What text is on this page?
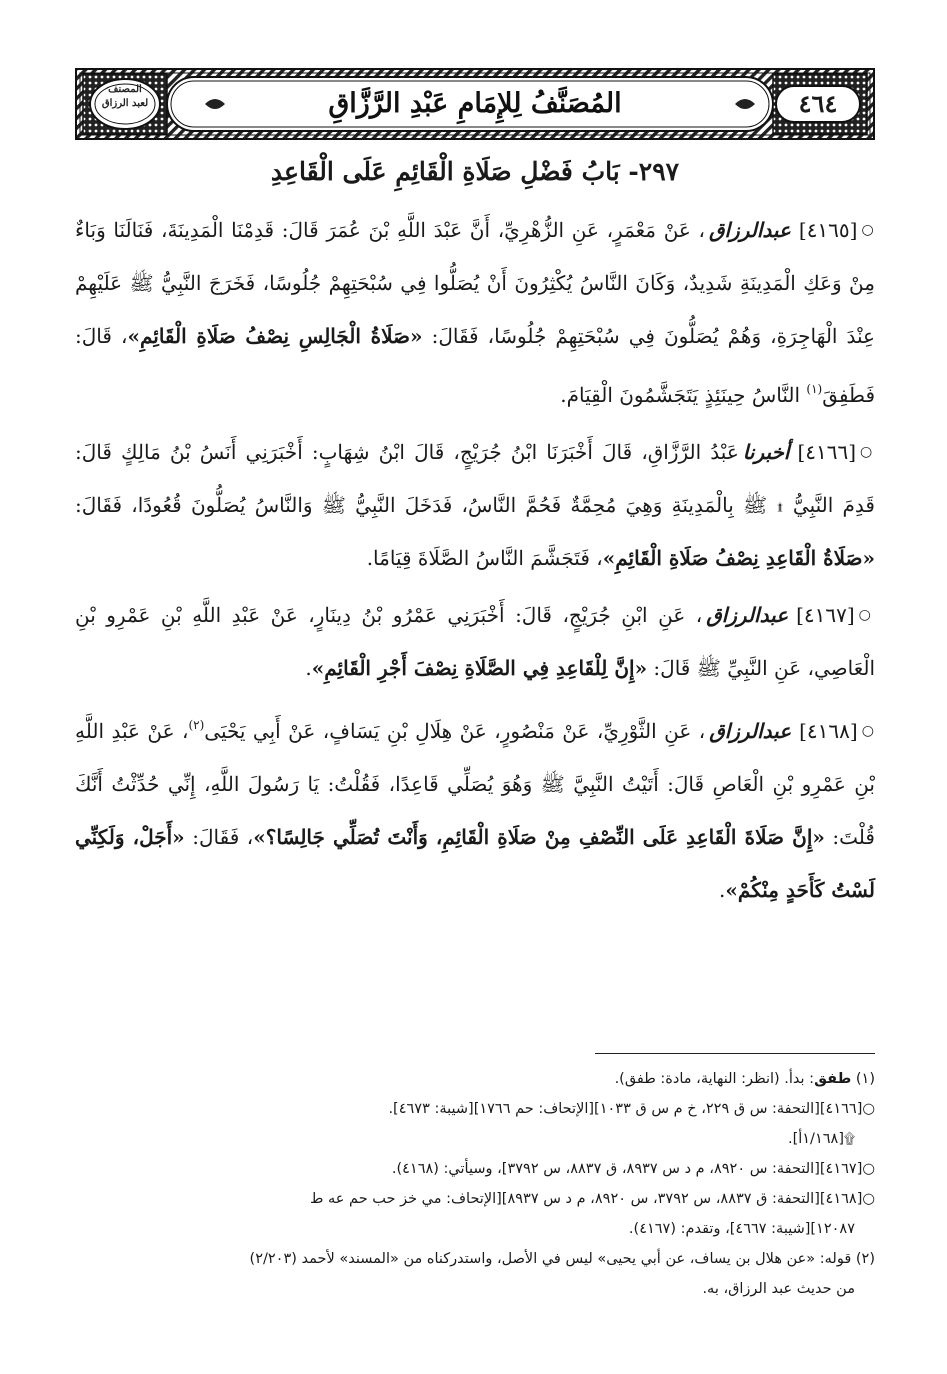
المصنف
لعبد الرزاق	المُصَنَّفُ لِلإِمَامِ عَبْدِ الرَّزَّاقِ	٤٦٤
٢٩٧- بَابُ فَضْلِ صَلَاةِ الْقَائِمِ عَلَى الْقَاعِدِ

○[٤١٦٥]عبدالرزاق، عَنْ مَعْمَرٍ، عَنِ الزُّهْرِيِّ، أَنَّ عَبْدَ اللَّهِ بْنَ عُمَرَ قَالَ: قَدِمْنَا الْمَدِينَةَ، فَنَالَنَا وَبَاءٌ مِنْ وَعَكِ الْمَدِينَةِ شَدِيدٌ، وَكَانَ النَّاسُ يُكْثِرُونَ أَنْ يُصَلُّوا فِي سُبْحَتِهِمْ جُلُوسًا، فَخَرَجَ النَّبِيُّ ﷺ عَلَيْهِمْ عِنْدَ الْهَاجِرَةِ، وَهُمْ يُصَلُّونَ فِي سُبْحَتِهِمْ جُلُوسًا، فَقَالَ: «صَلَاةُ الْجَالِسِ نِصْفُ صَلَاةِ الْقَائِمِ»، قَالَ: فَطَفِقَ$^{(١)}$ النَّاسُ حِينَئِذٍ يَتَجَشَّمُونَ الْقِيَامَ.

○[٤١٦٦]أخبرناعَبْدُ الرَّزَّاقِ، قَالَ أَخْبَرَنَا ابْنُ جُرَيْجٍ، قَالَ ابْنُ شِهَابٍ: أَخْبَرَنِي أَنَسُ بْنُ مَالِكٍ قَالَ: قَدِمَ النَّبِيُّ ۩ ﷺ بِالْمَدِينَةِ وَهِيَ مُحِمَّةٌ فَحُمَّ النَّاسُ، فَدَخَلَ النَّبِيُّ ﷺ وَالنَّاسُ يُصَلُّونَ قُعُودًا، فَقَالَ: «صَلَاةُ الْقَاعِدِ نِصْفُ صَلَاةِ الْقَائِمِ»، فَتَجَشَّمَ النَّاسُ الصَّلَاةَ قِيَامًا.

○[٤١٦٧]عبدالرزاق، عَنِ ابْنِ جُرَيْجٍ، قَالَ: أَخْبَرَنِي عَمْرُو بْنُ دِينَارٍ، عَنْ عَبْدِ اللَّهِ بْنِ عَمْرِو بْنِ الْعَاصِي، عَنِ النَّبِيِّ ﷺ قَالَ: «إِنَّ لِلْقَاعِدِ فِي الصَّلَاةِ نِصْفَ أَجْرِ الْقَائِمِ».

○[٤١٦٨]عبدالرزاق، عَنِ الثَّوْرِيِّ، عَنْ مَنْصُورٍ، عَنْ هِلَالِ بْنِ يَسَافٍ، عَنْ أَبِي يَحْيَى$^{(٢)}$، عَنْ عَبْدِ اللَّهِ بْنِ عَمْرِو بْنِ الْعَاصِ قَالَ: أَتَيْتُ النَّبِيَّ ﷺ وَهُوَ يُصَلِّي قَاعِدًا، فَقُلْتُ: يَا رَسُولَ اللَّهِ، إِنِّي حُدِّثْتُ أَنَّكَ قُلْتَ: «إِنَّ صَلَاةَ الْقَاعِدِ عَلَى النِّصْفِ مِنْ صَلَاةِ الْقَائِمِ، وَأَنْتَ تُصَلِّي جَالِسًا؟»، فَقَالَ: «أَجَلْ، وَلَكِنِّي لَسْتُ كَأَحَدٍ مِنْكُمْ».

(١) طفق: بدأ. (انظر: النهاية، مادة: طفق).

○[٤١٦٦][التحفة: س ق ٢٢٩، خ م س ق ١٠٣٣][الإتحاف: حم ١٧٦٦][شيبة: ٤٦٧٣].

۩[١/١٦٨أ].

○[٤١٦٧][التحفة: س ٨٩٢٠، م د س ٨٩٣٧، ق ٨٨٣٧، س ٣٧٩٢]، وسيأتي: (٤١٦٨).

○[٤١٦٨][التحفة: ق ٨٨٣٧، س ٣٧٩٢، س ٨٩٢٠، م د س ٨٩٣٧][الإتحاف: مي خز حب حم عه ط

١٢٠٨٧][شيبة: ٤٦٦٧]، وتقدم: (٤١٦٧).

(٢) قوله: «عن هلال بن يساف، عن أبي يحيى» ليس في الأصل، واستدركناه من «المسند» لأحمد (٢/٢٠٣)

من حديث عبد الرزاق، به.
